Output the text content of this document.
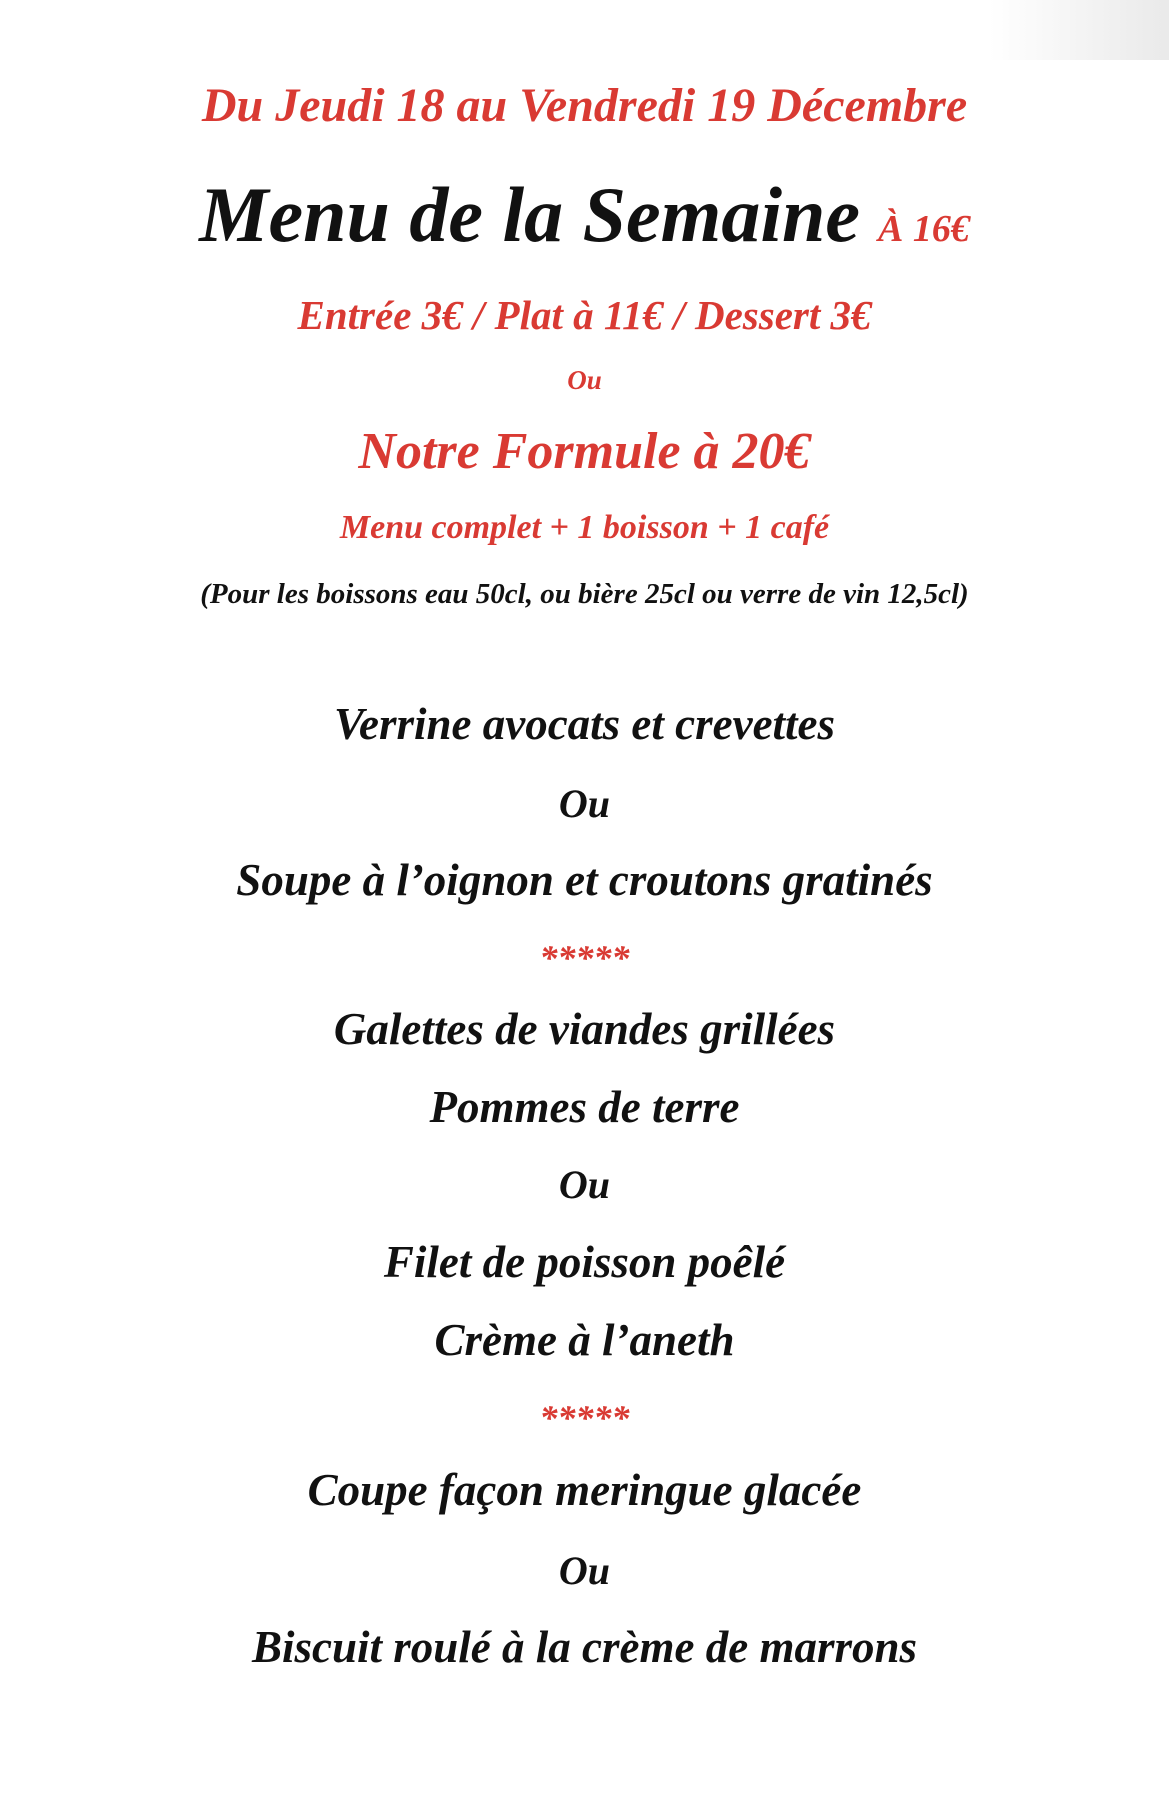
Du Jeudi 18 au Vendredi 19 Décembre
Menu de la Semaine À 16€
Entrée 3€ / Plat à 11€ / Dessert 3€
Ou
Notre Formule à 20€
Menu complet + 1 boisson + 1 café
(Pour les boissons eau 50cl, ou bière 25cl ou verre de vin 12,5cl)
Verrine avocats et crevettes
Ou
Soupe à l’oignon et croutons gratinés
*****
Galettes de viandes grillées
Pommes de terre
Ou
Filet de poisson poêlé
Crème à l’aneth
*****
Coupe façon meringue glacée
Ou
Biscuit roulé à la crème de marrons
